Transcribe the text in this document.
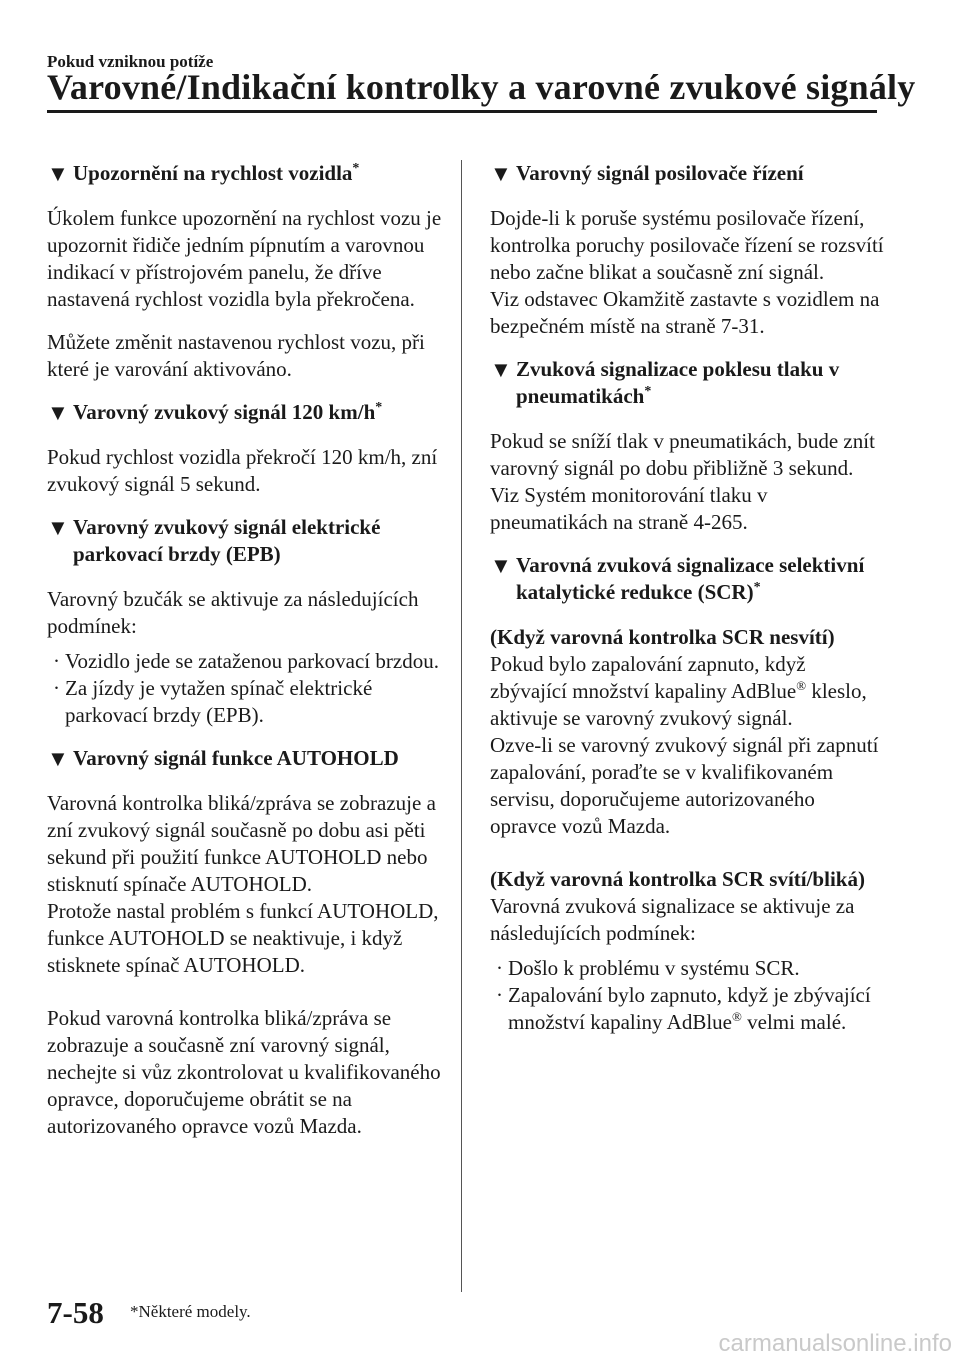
Pokud vzniknou potíže
Varovné/Indikační kontrolky a varovné zvukové signály
▼ Upozornění na rychlost vozidla*
Úkolem funkce upozornění na rychlost vozu je upozornit řidiče jedním pípnutím a varovnou indikací v přístrojovém panelu, že dříve nastavená rychlost vozidla byla překročena.
Můžete změnit nastavenou rychlost vozu, při které je varování aktivováno.
▼ Varovný zvukový signál 120 km/h*
Pokud rychlost vozidla překročí 120 km/h, zní zvukový signál 5 sekund.
▼ Varovný zvukový signál elektrické parkovací brzdy (EPB)
Varovný bzučák se aktivuje za následujících podmínek:
· Vozidlo jede se zataženou parkovací brzdou.
· Za jízdy je vytažen spínač elektrické parkovací brzdy (EPB).
▼ Varovný signál funkce AUTOHOLD
Varovná kontrolka bliká/zpráva se zobrazuje a zní zvukový signál současně po dobu asi pěti sekund při použití funkce AUTOHOLD nebo stisknutí spínače AUTOHOLD.
Protože nastal problém s funkcí AUTOHOLD, funkce AUTOHOLD se neaktivuje, i když stisknete spínač AUTOHOLD.
Pokud varovná kontrolka bliká/zpráva se zobrazuje a současně zní varovný signál, nechejte si vůz zkontrolovat u kvalifikovaného opravce, doporučujeme obrátit se na autorizovaného opravce vozů Mazda.
▼ Varovný signál posilovače řízení
Dojde-li k poruše systému posilovače řízení, kontrolka poruchy posilovače řízení se rozsvítí nebo začne blikat a současně zní signál.
Viz odstavec Okamžitě zastavte s vozidlem na bezpečném místě na straně 7-31.
▼ Zvuková signalizace poklesu tlaku v pneumatikách*
Pokud se sníží tlak v pneumatikách, bude znít varovný signál po dobu přibližně 3 sekund.
Viz Systém monitorování tlaku v pneumatikách na straně 4-265.
▼ Varovná zvuková signalizace selektivní katalytické redukce (SCR)*
(Když varovná kontrolka SCR nesvítí)
Pokud bylo zapalování zapnuto, když zbývající množství kapaliny AdBlue® kleslo, aktivuje se varovný zvukový signál.
Ozve-li se varovný zvukový signál při zapnutí zapalování, poraďte se v kvalifikovaném servisu, doporučujeme autorizovaného opravce vozů Mazda.
(Když varovná kontrolka SCR svítí/bliká)
Varovná zvuková signalizace se aktivuje za následujících podmínek:
· Došlo k problému v systému SCR.
· Zapalování bylo zapnuto, když je zbývající množství kapaliny AdBlue® velmi malé.
7-58 *Některé modely.
carmanualsonline.info
